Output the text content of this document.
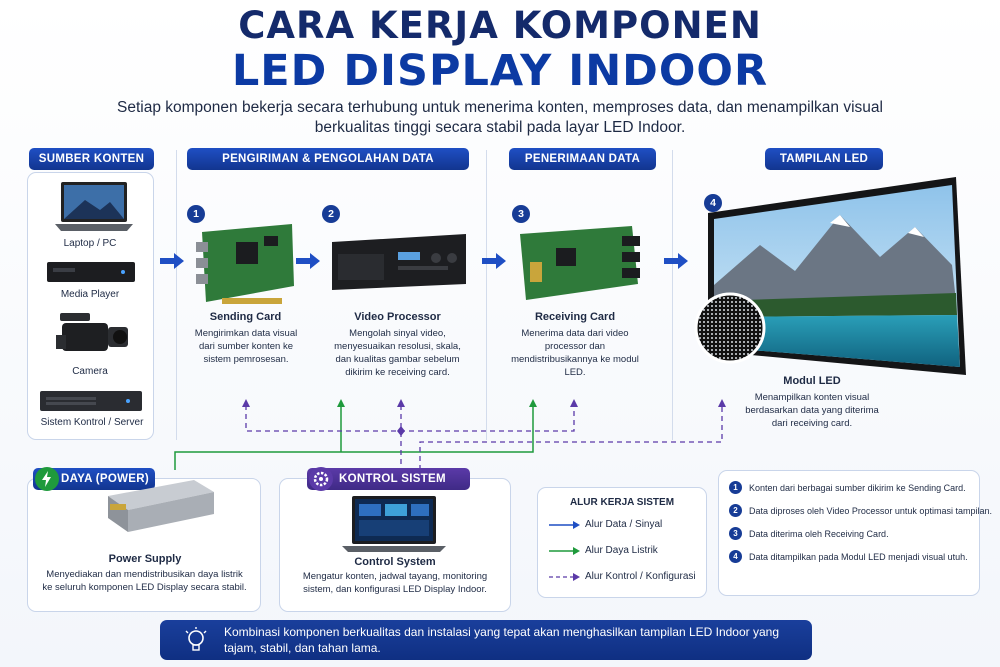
CARA KERJA KOMPONEN
LED DISPLAY INDOOR
Setiap komponen bekerja secara terhubung untuk menerima konten, memproses data, dan menampilkan visual berkualitas tinggi secara stabil pada layar LED Indoor.
SUMBER KONTEN	PENGIRIMAN & PENGOLAHAN DATA	PENERIMAAN DATA	TAMPILAN LED
Laptop / PC
Media Player
Camera
Sistem Kontrol / Server
1
Sending Card
Mengirimkan data visual dari sumber konten ke sistem pemrosesan.
2
Video Processor
Mengolah sinyal video, menyesuaikan resolusi, skala, dan kualitas gambar sebelum dikirim ke receiving card.
3
Receiving Card
Menerima data dari video processor dan mendistribusikannya ke modul LED.
4
Modul LED
Menampilkan konten visual berdasarkan data yang diterima dari receiving card.
DAYA (POWER)
Power Supply
Menyediakan dan mendistribusikan daya listrik ke seluruh komponen LED Display secara stabil.
KONTROL SISTEM
Control System
Mengatur konten, jadwal tayang, monitoring sistem, dan konfigurasi LED Display Indoor.
ALUR KERJA SISTEM
Alur Data / Sinyal
Alur Daya Listrik
Alur Kontrol / Konfigurasi
1	Konten dari berbagai sumber dikirim ke Sending Card.
2	Data diproses oleh Video Processor untuk optimasi tampilan.
3	Data diterima oleh Receiving Card.
4	Data ditampilkan pada Modul LED menjadi visual utuh.
Kombinasi komponen berkualitas dan instalasi yang tepat akan menghasilkan tampilan LED Indoor yang tajam, stabil, dan tahan lama.
